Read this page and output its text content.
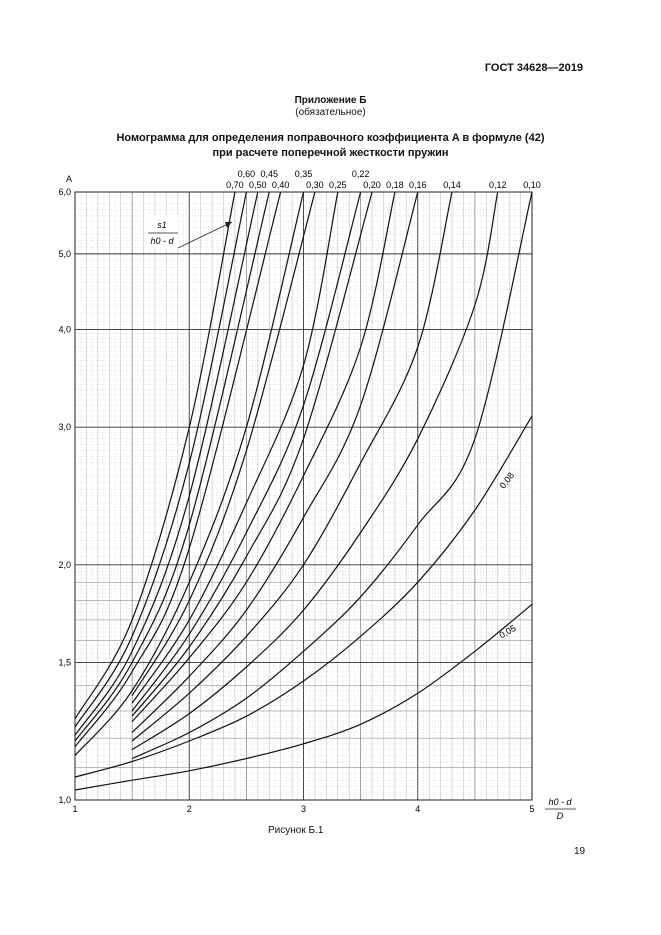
ГОСТ 34628—2019
Приложение Б
(обязательное)
Номограмма для определения поправочного коэффициента A в формуле (42)
при расчете поперечной жесткости пружин
1	2	3	4	5
1,0
1,5
2,0
3,0
4,0
5,0
6,0
A
h0 - d
D
s1
h0 - d
0,70
0,60
0,50
0,45
0,40
0,35
0,30 0,25
0,22
0,20 0,18 0,16 0,14	0,12 0,10
0,08
0,05
Рисунок Б.1
19
